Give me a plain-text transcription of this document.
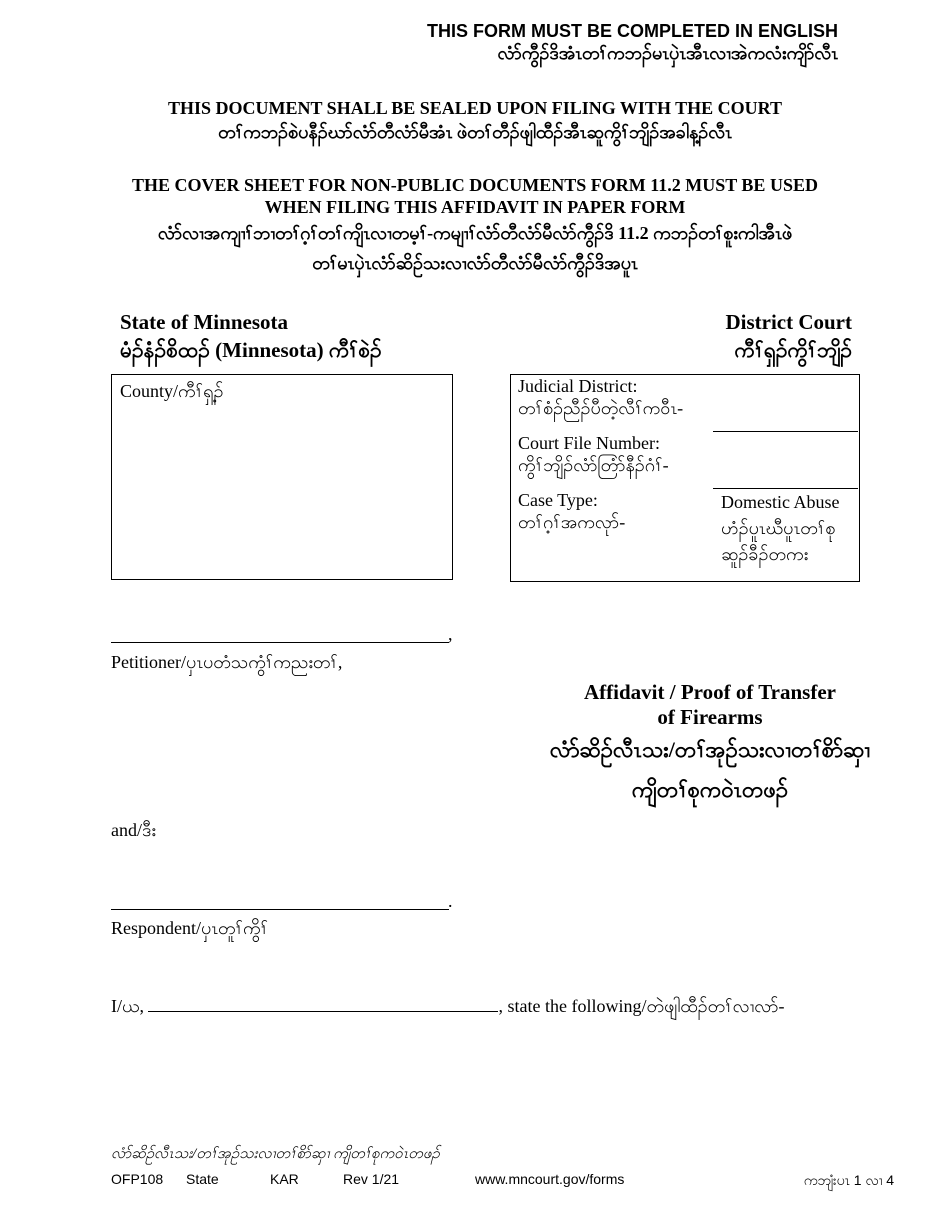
THIS FORM MUST BE COMPLETED IN ENGLISH
လံာ်ကွီၣ်ဒိအံၤတၢ်ကဘၣ်မၤပှဲၤအီၤလၢအဲကလံးကျိာ်လီၤ
THIS DOCUMENT SHALL BE SEALED UPON FILING WITH THE COURT
တၢ်ကဘၣ်စဲပနီၣ်ဃာ်လံာ်တီလံာ်မီအံၤ ဖဲတၢ်တီၣ်ဖျါထီၣ်အီၤဆူကွိၢ်ဘျိၣ်အခါန့ၣ်လီၤ
THE COVER SHEET FOR NON-PUBLIC DOCUMENTS FORM 11.2 MUST BE USED
WHEN FILING THIS AFFIDAVIT IN PAPER FORM
လံာ်လၢအကျၢၢ်ဘၢတၢ်ဂ့ၢ်တၢ်ကျိၤလၢတမ့ၢ်-ကမျၢၢ်လံာ်တီလံာ်မီလံာ်ကွီၣ်ဒိ 11.2 ကဘၣ်တၢ်စူးကါအီၤဖဲ
တၢ်မၤပှဲၤလံာ်ဆိဉ်သးလၢလံာ်တီလံာ်မီလံာ်ကွီၣ်ဒိအပူၤ
State of Minnesota
မံၣ်နံၣ်စိထၣ် (Minnesota) ကီၢ်စဲၣ်
District Court
ကီၢ်ရှၣ်ကွိၢ်ဘျိၣ်
County/ကီၢ်ရှ့ၣ်	Judicial District:
တၢ်စံၣ်ညီၣ်ပီတဲ့လီၢ်ကဝီၤ-
Court File Number:
ကွိၢ်ဘျိၣ်လံာ်တြံာ်နီၣ်ဂံၢ်-
Case Type:
တၢ်ဂ့ၢ်အကလုာ်-
Domestic Abuse
ဟံၣ်ပူၤဃီပူၤတၢ်စု
ဆူၣ်ခီၣ်တကး
,
Petitioner/ပှၤပတံသကွံၢ်ကညးတၢ်,
Affidavit / Proof of Transfer
of Firearms
လံာ်ဆိဉ်လီၤသး/တၢ်အုဉ်သးလၢတၢ်စိာ်ဆှၢ
ကျိတၢ်စုကဝဲၤတဖၣ်
and/ဒီး
.
Respondent/ပှၤတူၢ်ကွိၢ်
I/ယ,	, state the following/တဲဖျါထီၣ်တၢ်လၢလာ်-
လံာ်ဆိဉ်လီၤသး/တၢ်အုဉ်သးလၢတၢ်စိာ်ဆှၢ ကျိတၢ်စုကဝဲၤတဖၣ်
OFP108 State	KAR	Rev 1/21	www.mncourt.gov/forms	ကဘျံးပၤ 1 လၢ 4
